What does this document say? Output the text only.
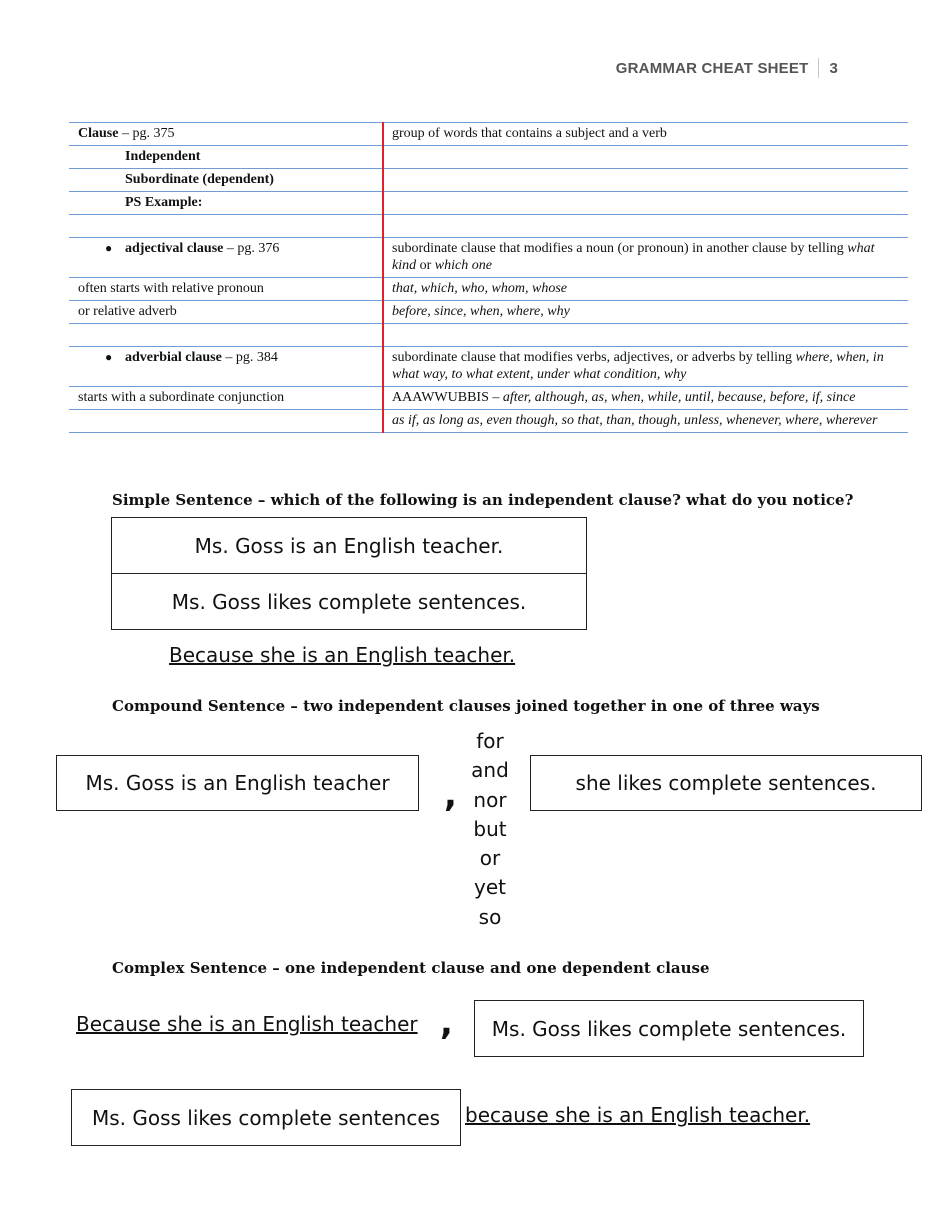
GRAMMAR CHEAT SHEET 3
Clause – pg. 375	group of words that contains a subject and a verb
Independent	
Subordinate (dependent)	
PS Example:	

● adjectival clause – pg. 376	subordinate clause that modifies a noun (or pronoun) in another clause by telling what kind or which one
often starts with relative pronoun	that, which, who, whom, whose
or relative adverb	before, since, when, where, why

● adverbial clause – pg. 384	subordinate clause that modifies verbs, adjectives, or adverbs by telling where, when, in what way, to what extent, under what condition, why
starts with a subordinate conjunction	AAAWWUBBIS – after, although, as, when, while, until, because, before, if, since
	as if, as long as, even though, so that, than, though, unless, whenever, where, wherever
Simple Sentence – which of the following is an independent clause? what do you notice?
Ms. Goss is an English teacher.
Ms. Goss likes complete sentences.
Because she is an English teacher.
Compound Sentence – two independent clauses joined together in one of three ways
Ms. Goss is an English teacher	,
for
and
nor
but
or
yet
so
she likes complete sentences.
Complex Sentence – one independent clause and one dependent clause
Because she is an English teacher ,	Ms. Goss likes complete sentences.
Ms. Goss likes complete sentences	because she is an English teacher.
